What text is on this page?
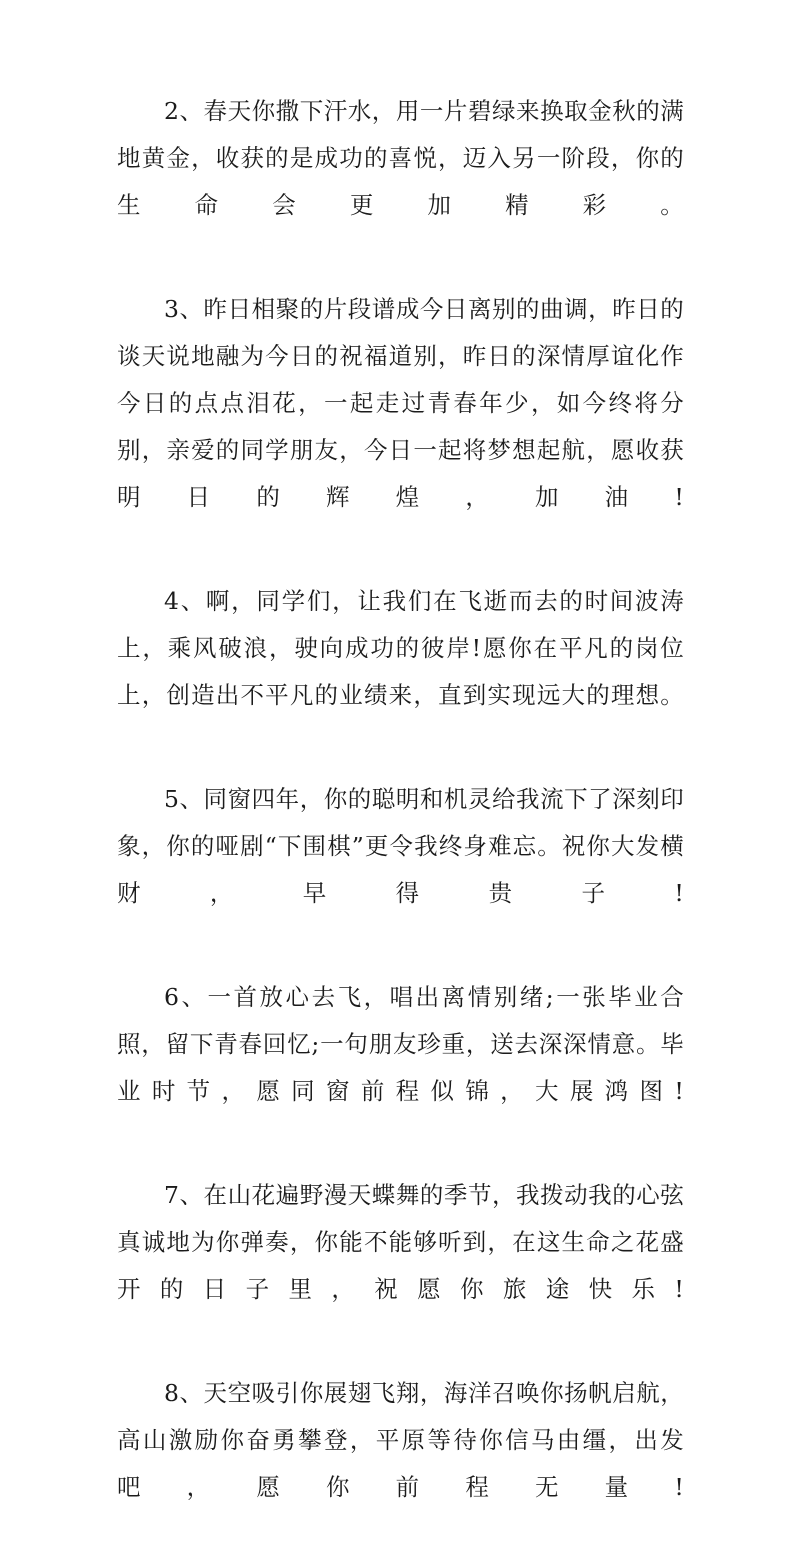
2、春天你撒下汗水，用一片碧绿来换取金秋的满地黄金，收获的是成功的喜悦，迈入另一阶段，你的生命会更加精彩。

3、昨日相聚的片段谱成今日离别的曲调，昨日的谈天说地融为今日的祝福道别，昨日的深情厚谊化作今日的点点泪花，一起走过青春年少，如今终将分别，亲爱的同学朋友，今日一起将梦想起航，愿收获明日的辉煌，加油!

4、啊，同学们，让我们在飞逝而去的时间波涛上，乘风破浪，驶向成功的彼岸!愿你在平凡的岗位上，创造出不平凡的业绩来，直到实现远大的理想。

5、同窗四年，你的聪明和机灵给我流下了深刻印象，你的哑剧“下围棋”更令我终身难忘。祝你大发横财，早得贵子!

6、一首放心去飞，唱出离情别绪;一张毕业合照，留下青春回忆;一句朋友珍重，送去深深情意。毕业时节，愿同窗前程似锦，大展鸿图!

7、在山花遍野漫天蝶舞的季节，我拨动我的心弦真诚地为你弹奏，你能不能够听到，在这生命之花盛开的日子里，祝愿你旅途快乐!

8、天空吸引你展翅飞翔，海洋召唤你扬帆启航，高山激励你奋勇攀登，平原等待你信马由缰，出发吧，愿你前程无量!
